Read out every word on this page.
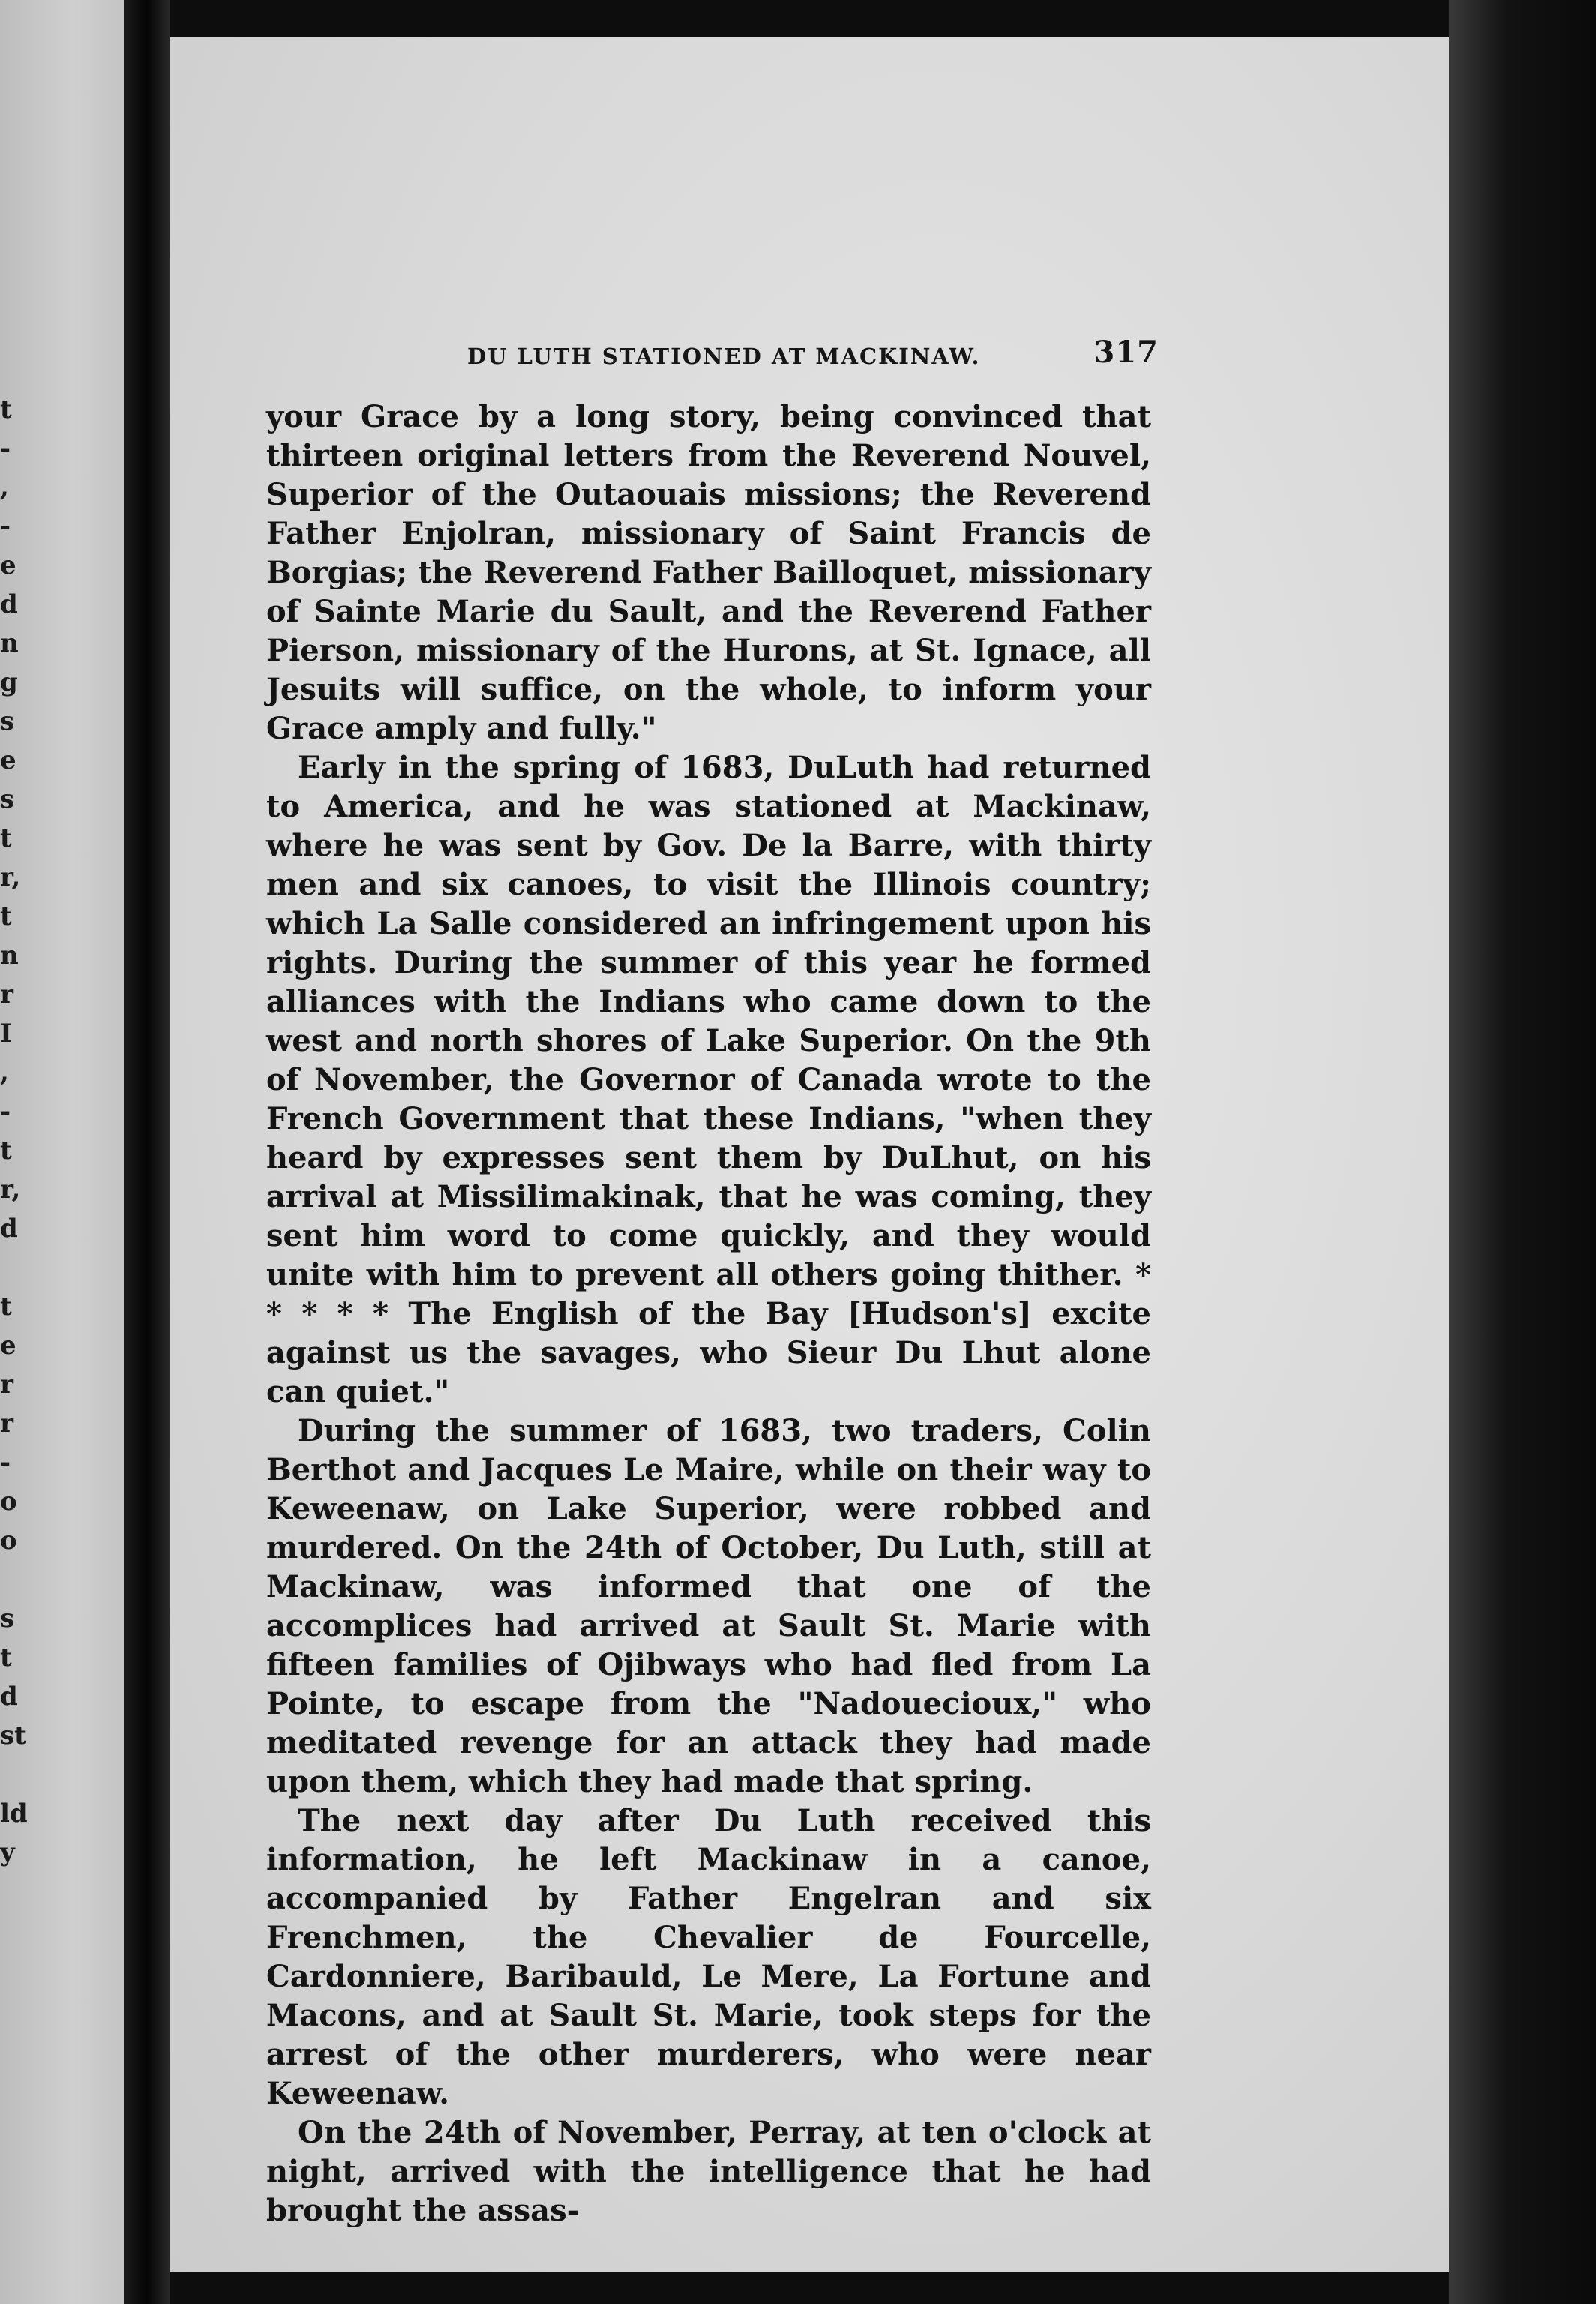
t
-
,
-
e
d
n
g
s
e
s
t
r,
t
n
r
I
,
-
t
r,
d

t
e
r
r
-
o
o

s
t
d
st

ld
y
DU LUTH STATIONED AT MACKINAW.	317

your Grace by a long story, being convinced that thirteen original letters from the Reverend Nouvel, Superior of the Outaouais missions; the Reverend Father Enjolran, missionary of Saint Francis de Borgias; the Reverend Father Bailloquet, missionary of Sainte Marie du Sault, and the Reverend Father Pierson, missionary of the Hurons, at St. Ignace, all Jesuits will suffice, on the whole, to inform your Grace amply and fully."

Early in the spring of 1683, DuLuth had returned to America, and he was stationed at Mackinaw, where he was sent by Gov. De la Barre, with thirty men and six canoes, to visit the Illinois country; which La Salle considered an infringement upon his rights. During the summer of this year he formed alliances with the Indians who came down to the west and north shores of Lake Superior. On the 9th of November, the Governor of Canada wrote to the French Government that these Indians, "when they heard by expresses sent them by DuLhut, on his arrival at Missilimakinak, that he was coming, they sent him word to come quickly, and they would unite with him to prevent all others going thither. * * * * * The English of the Bay [Hudson's] excite against us the savages, who Sieur Du Lhut alone can quiet."

During the summer of 1683, two traders, Colin Berthot and Jacques Le Maire, while on their way to Keweenaw, on Lake Superior, were robbed and murdered. On the 24th of October, Du Luth, still at Mackinaw, was informed that one of the accomplices had arrived at Sault St. Marie with fifteen families of Ojibways who had fled from La Pointe, to escape from the "Nadouecioux," who meditated revenge for an attack they had made upon them, which they had made that spring.

The next day after Du Luth received this information, he left Mackinaw in a canoe, accompanied by Father Engelran and six Frenchmen, the Chevalier de Fourcelle, Cardonniere, Baribauld, Le Mere, La Fortune and Macons, and at Sault St. Marie, took steps for the arrest of the other murderers, who were near Keweenaw.

On the 24th of November, Perray, at ten o'clock at night, arrived with the intelligence that he had brought the assas-
